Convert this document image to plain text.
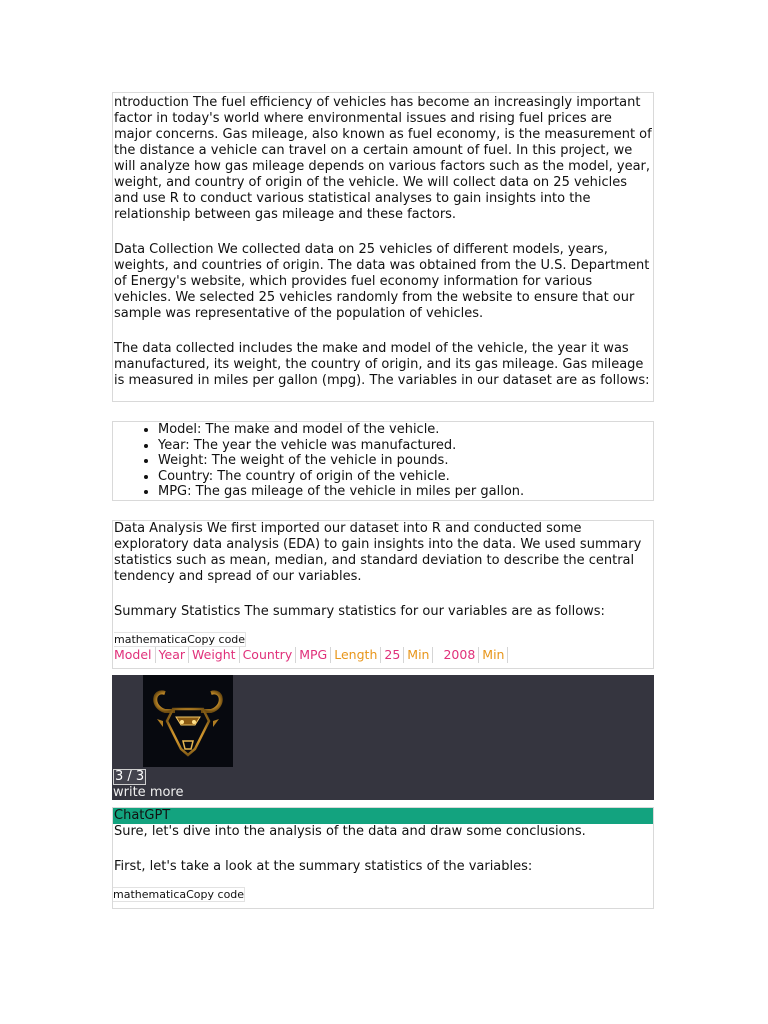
ntroduction The fuel efficiency of vehicles has become an increasingly important factor in today's world where environmental issues and rising fuel prices are major concerns. Gas mileage, also known as fuel economy, is the measurement of the distance a vehicle can travel on a certain amount of fuel. In this project, we will analyze how gas mileage depends on various factors such as the model, year, weight, and country of origin of the vehicle. We will collect data on 25 vehicles and use R to conduct various statistical analyses to gain insights into the relationship between gas mileage and these factors.

Data Collection We collected data on 25 vehicles of different models, years, weights, and countries of origin. The data was obtained from the U.S. Department of Energy's website, which provides fuel economy information for various vehicles. We selected 25 vehicles randomly from the website to ensure that our sample was representative of the population of vehicles.

The data collected includes the make and model of the vehicle, the year it was manufactured, its weight, the country of origin, and its gas mileage. Gas mileage is measured in miles per gallon (mpg). The variables in our dataset are as follows:

• Model: The make and model of the vehicle.
• Year: The year the vehicle was manufactured.
• Weight: The weight of the vehicle in pounds.
• Country: The country of origin of the vehicle.
• MPG: The gas mileage of the vehicle in miles per gallon.

Data Analysis We first imported our dataset into R and conducted some exploratory data analysis (EDA) to gain insights into the data. We used summary statistics such as mean, median, and standard deviation to describe the central tendency and spread of our variables.

Summary Statistics The summary statistics for our variables are as follows:

mathematicaCopy code
Model Year Weight Country MPG Length 25 Min 2008 Min
3 / 3
write more
ChatGPT

Sure, let's dive into the analysis of the data and draw some conclusions.

First, let's take a look at the summary statistics of the variables:

mathematicaCopy code
